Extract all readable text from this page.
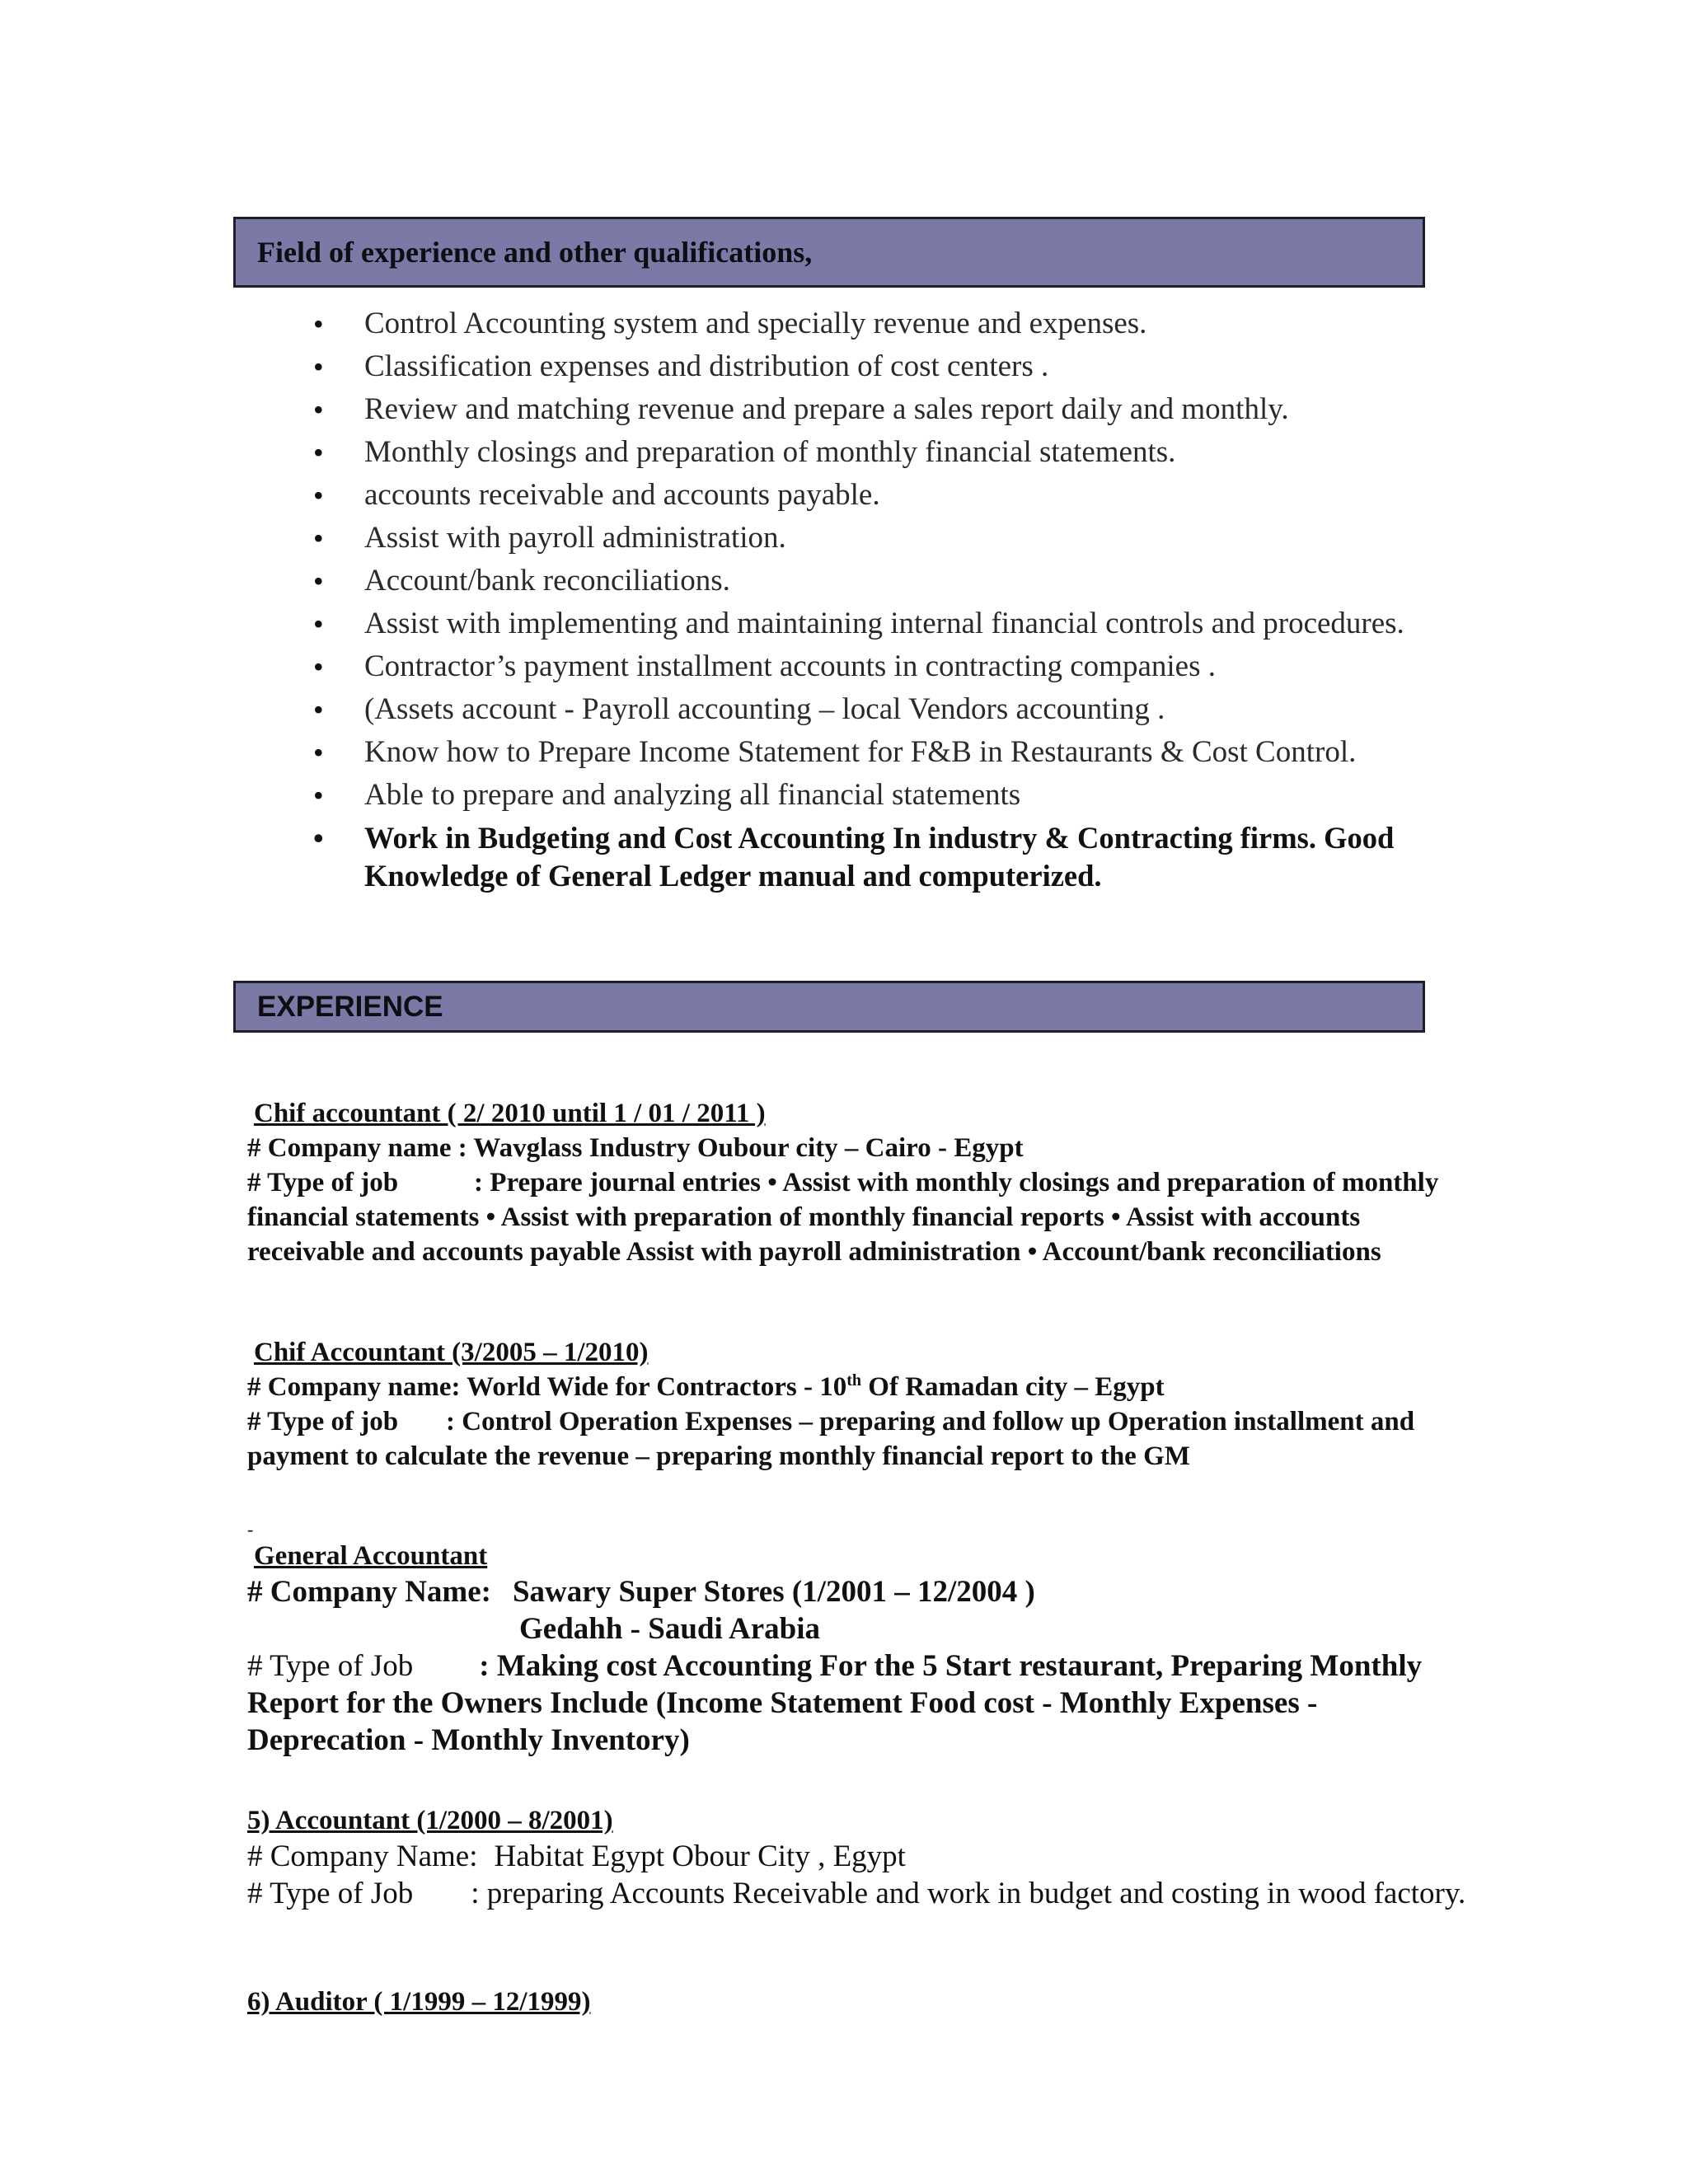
Field of experience and other qualifications,
• Control Accounting system and specially revenue and expenses.
• Classification expenses and distribution of cost centers .
• Review and matching revenue and prepare a sales report daily and monthly.
• Monthly closings and preparation of monthly financial statements.
• accounts receivable and accounts payable.
• Assist with payroll administration.
• Account/bank reconciliations.
• Assist with implementing and maintaining internal financial controls and procedures.
• Contractor’s payment installment accounts in contracting companies .
• (Assets account - Payroll accounting – local Vendors accounting .
• Know how to Prepare Income Statement for F&B in Restaurants & Cost Control.
• Able to prepare and analyzing all financial statements
• Work in Budgeting and Cost Accounting In industry & Contracting firms. Good Knowledge of General Ledger manual and computerized.
EXPERIENCE
Chif accountant ( 2/ 2010 until 1 / 01 / 2011 )
# Company name : Wavglass Industry Oubour city – Cairo - Egypt
# Type of job	: Prepare journal entries • Assist with monthly closings and preparation of monthly financial statements • Assist with preparation of monthly financial reports • Assist with accounts receivable and accounts payable Assist with payroll administration • Account/bank reconciliations
Chif Accountant (3/2005 – 1/2010)
# Company name: World Wide for Contractors - 10th Of Ramadan city – Egypt
# Type of job : Control Operation Expenses – preparing and follow up Operation installment and payment to calculate the revenue – preparing monthly financial report to the GM
-
General Accountant
# Company Name: Sawary Super Stores (1/2001 – 12/2004 )
Gedahh - Saudi Arabia
# Type of Job : Making cost Accounting For the 5 Start restaurant, Preparing Monthly Report for the Owners Include (Income Statement Food cost - Monthly Expenses - Deprecation - Monthly Inventory)
5) Accountant (1/2000 – 8/2001)
# Company Name: Habitat Egypt Obour City , Egypt
# Type of Job : preparing Accounts Receivable and work in budget and costing in wood factory.
6) Auditor ( 1/1999 – 12/1999)
